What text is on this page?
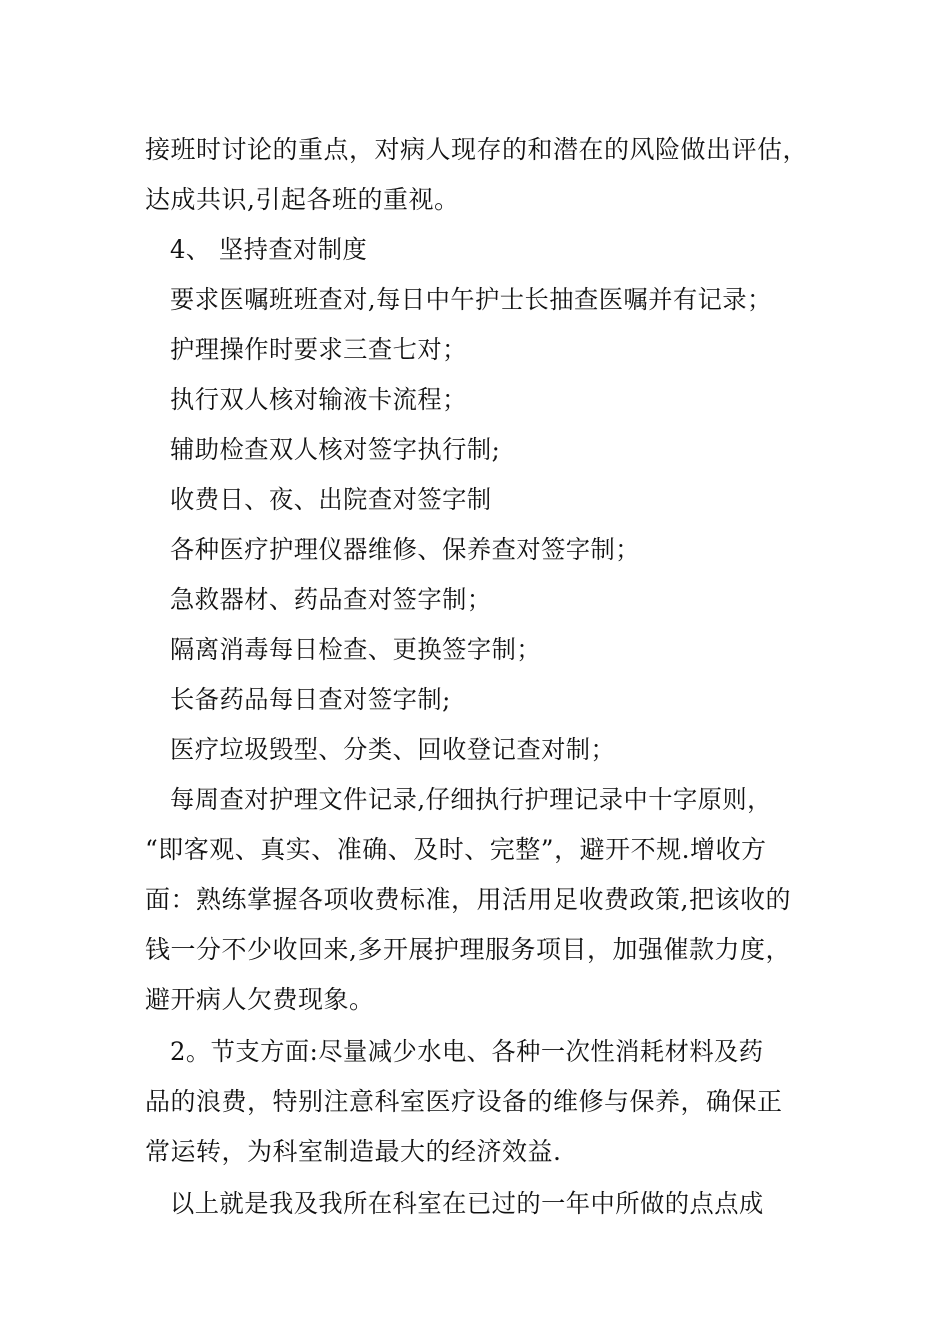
接班时讨论的重点，对病人现存的和潜在的风险做出评估，
达成共识,引起各班的重视。
4、 坚持查对制度
要求医嘱班班查对,每日中午护士长抽查医嘱并有记录；
护理操作时要求三查七对；
执行双人核对输液卡流程；
辅助检查双人核对签字执行制;
收费日、夜、出院查对签字制
各种医疗护理仪器维修、保养查对签字制；
急救器材、药品查对签字制；
隔离消毒每日检查、更换签字制；
长备药品每日查对签字制;
医疗垃圾毁型、分类、回收登记查对制；
每周查对护理文件记录,仔细执行护理记录中十字原则，
“即客观、真实、准确、及时、完整”，避开不规.增收方
面：熟练掌握各项收费标准，用活用足收费政策,把该收的
钱一分不少收回来,多开展护理服务项目，加强催款力度，
避开病人欠费现象。
2。节支方面:尽量减少水电、各种一次性消耗材料及药
品的浪费，特别注意科室医疗设备的维修与保养，确保正
常运转，为科室制造最大的经济效益.
以上就是我及我所在科室在已过的一年中所做的点点成
